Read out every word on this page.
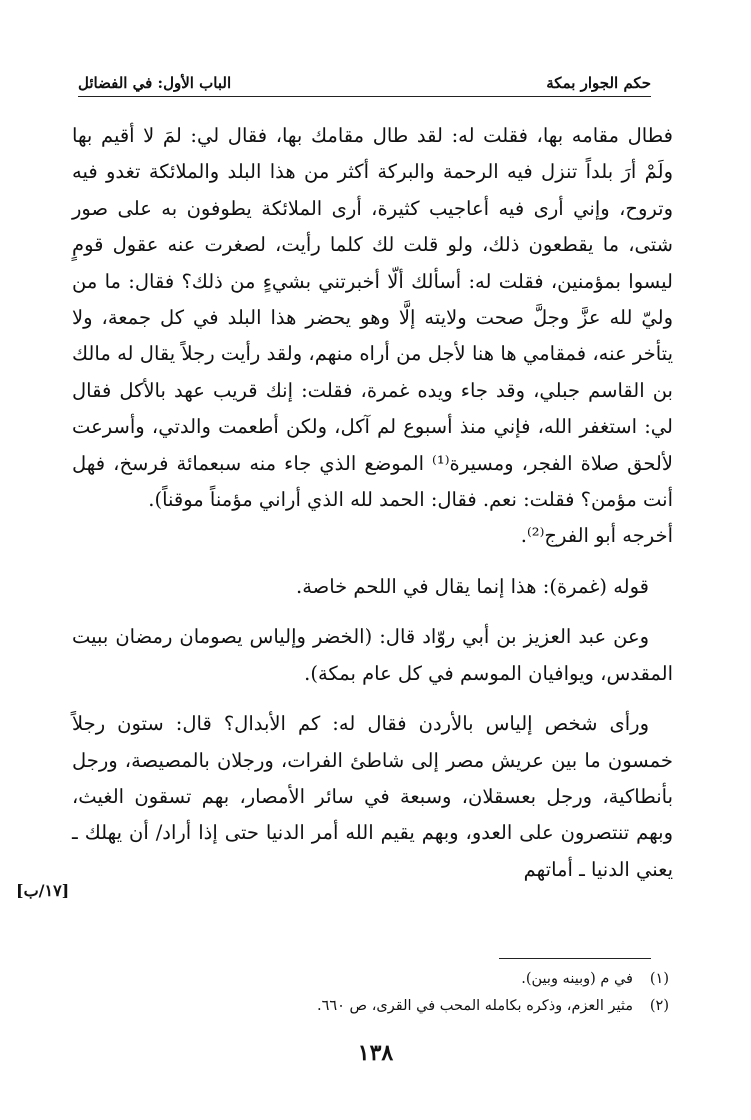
حكم الجوار بمكة
الباب الأول: في الفضائل

فطال مقامه بها، فقلت له: لقد طال مقامك بها، فقال لي: لمَ لا أقيم بها ولَمْ أرَ بلداً تنزل فيه الرحمة والبركة أكثر من هذا البلد والملائكة تغدو فيه وتروح، وإني أرى فيه أعاجيب كثيرة، أرى الملائكة يطوفون به على صور شتى، ما يقطعون ذلك، ولو قلت لك كلما رأيت، لصغرت عنه عقول قومٍ ليسوا بمؤمنين، فقلت له: أسألك ألّا أخبرتني بشيءٍ من ذلك؟ فقال: ما من وليّ لله عزَّ وجلَّ صحت ولايته إلَّا وهو يحضر هذا البلد في كل جمعة، ولا يتأخر عنه، فمقامي ها هنا لأجل من أراه منهم، ولقد رأيت رجلاً يقال له مالك بن القاسم جبلي، وقد جاء ويده غمرة، فقلت: إنك قريب عهد بالأكل فقال لي: استغفر الله، فإني منذ أسبوع لم آكل، ولكن أطعمت والدتي، وأسرعت لألحق صلاة الفجر، ومسيرة⁽¹⁾ الموضع الذي جاء منه سبعمائة فرسخ، فهل أنت مؤمن؟ فقلت: نعم. فقال: الحمد لله الذي أراني مؤمناً موقناً).

أخرجه أبو الفرج⁽²⁾.

قوله (غمرة): هذا إنما يقال في اللحم خاصة.

وعن عبد العزيز بن أبي روّاد قال: (الخضر وإلياس يصومان رمضان ببيت المقدس، ويوافيان الموسم في كل عام بمكة).

ورأى شخص إلياس بالأردن فقال له: كم الأبدال؟ قال: ستون رجلاً خمسون ما بين عريش مصر إلى شاطئ الفرات، ورجلان بالمصيصة، ورجل بأنطاكية، ورجل بعسقلان، وسبعة في سائر الأمصار، بهم تسقون الغيث، وبهم تنتصرون على العدو، وبهم يقيم الله أمر الدنيا حتى إذا أراد/ أن يهلك ـ يعني الدنيا ـ أماتهم

[١٧/ب]
(١)
في م (وبينه وبين).
(٢)
مثير العزم، وذكره بكامله المحب في القرى، ص ٦٦٠.
١٣٨
